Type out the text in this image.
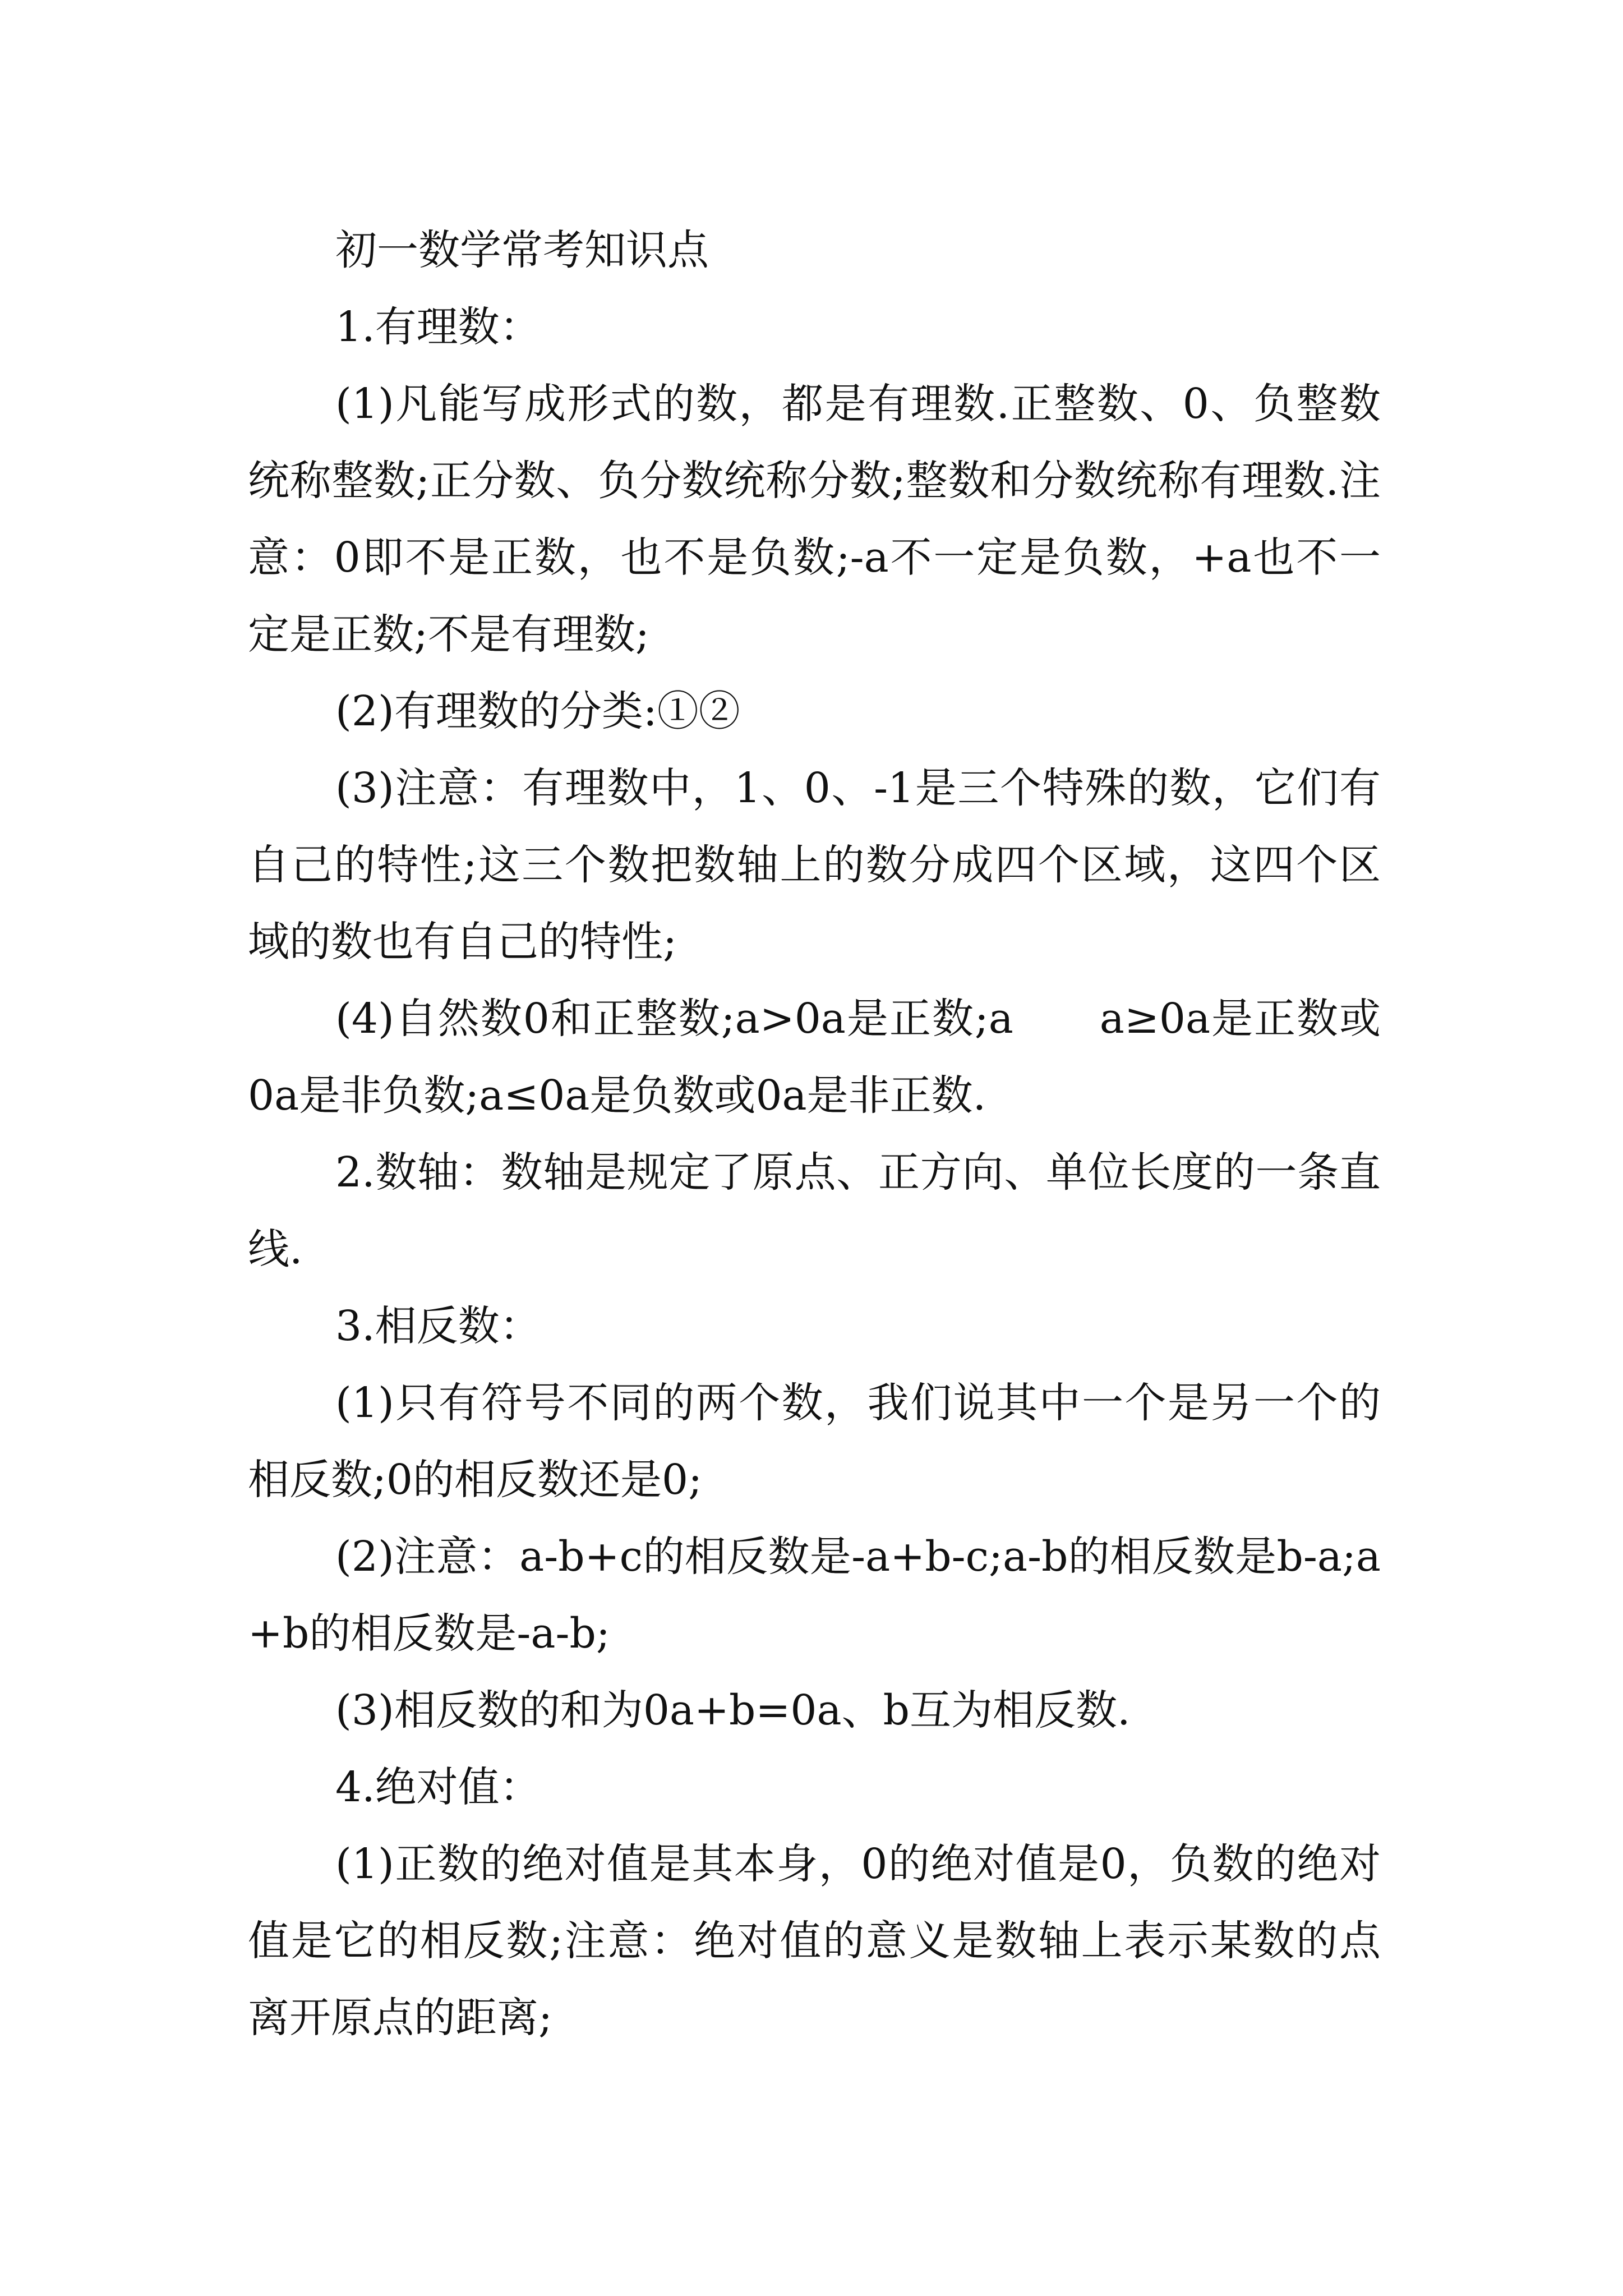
初一数学常考知识点

1.有理数：

(1)凡能写成形式的数，都是有理数.正整数、0、负整数统称整数;正分数、负分数统称分数;整数和分数统称有理数.注意：0即不是正数，也不是负数;-a不一定是负数，+a也不一定是正数;不是有理数;

(2)有理数的分类:①②

(3)注意：有理数中，1、0、-1是三个特殊的数，它们有自己的特性;这三个数把数轴上的数分成四个区域，这四个区域的数也有自己的特性;

(4)自然数0和正整数;a>0a是正数;a　　a≥0a是正数或0a是非负数;a≤0a是负数或0a是非正数.

2.数轴：数轴是规定了原点、正方向、单位长度的一条直线.

3.相反数：

(1)只有符号不同的两个数，我们说其中一个是另一个的相反数;0的相反数还是0;

(2)注意：a-b+c的相反数是-a+b-c;a-b的相反数是b-a;a+b的相反数是-a-b;

(3)相反数的和为0a+b=0a、b互为相反数.

4.绝对值：

(1)正数的绝对值是其本身，0的绝对值是0，负数的绝对值是它的相反数;注意：绝对值的意义是数轴上表示某数的点离开原点的距离;
